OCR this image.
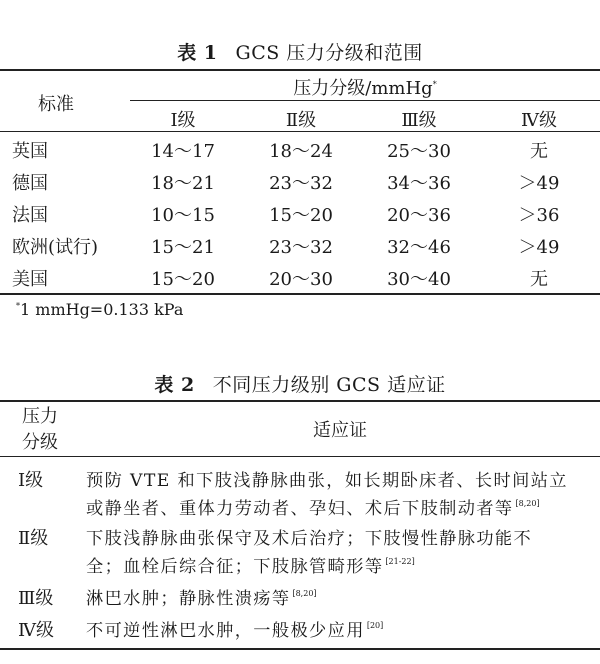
表 1 GCS 压力分级和范围
标准
压力分级/mmHg*
Ⅰ级	Ⅱ级	Ⅲ级	Ⅳ级
英国	14～17	18～24	25～30	无
德国	18～21	23～32	34～36	＞49
法国	10～15	15～20	20～36	＞36
欧洲(试行)	15～21	23～32	32～46	＞49
美国	15～20	20～30	30～40	无
*1 mmHg=0.133 kPa
表 2 不同压力级别 GCS 适应证
压力
分级
适应证
Ⅰ级 预防 VTE 和下肢浅静脉曲张，如长期卧床者、长时间站立
或静坐者、重体力劳动者、孕妇、术后下肢制动者等 [8,20]
Ⅱ级 下肢浅静脉曲张保守及术后治疗；下肢慢性静脉功能不
全；血栓后综合征；下肢脉管畸形等 [21-22]
Ⅲ级 淋巴水肿；静脉性溃疡等 [8,20]
Ⅳ级 不可逆性淋巴水肿，一般极少应用 [20]
